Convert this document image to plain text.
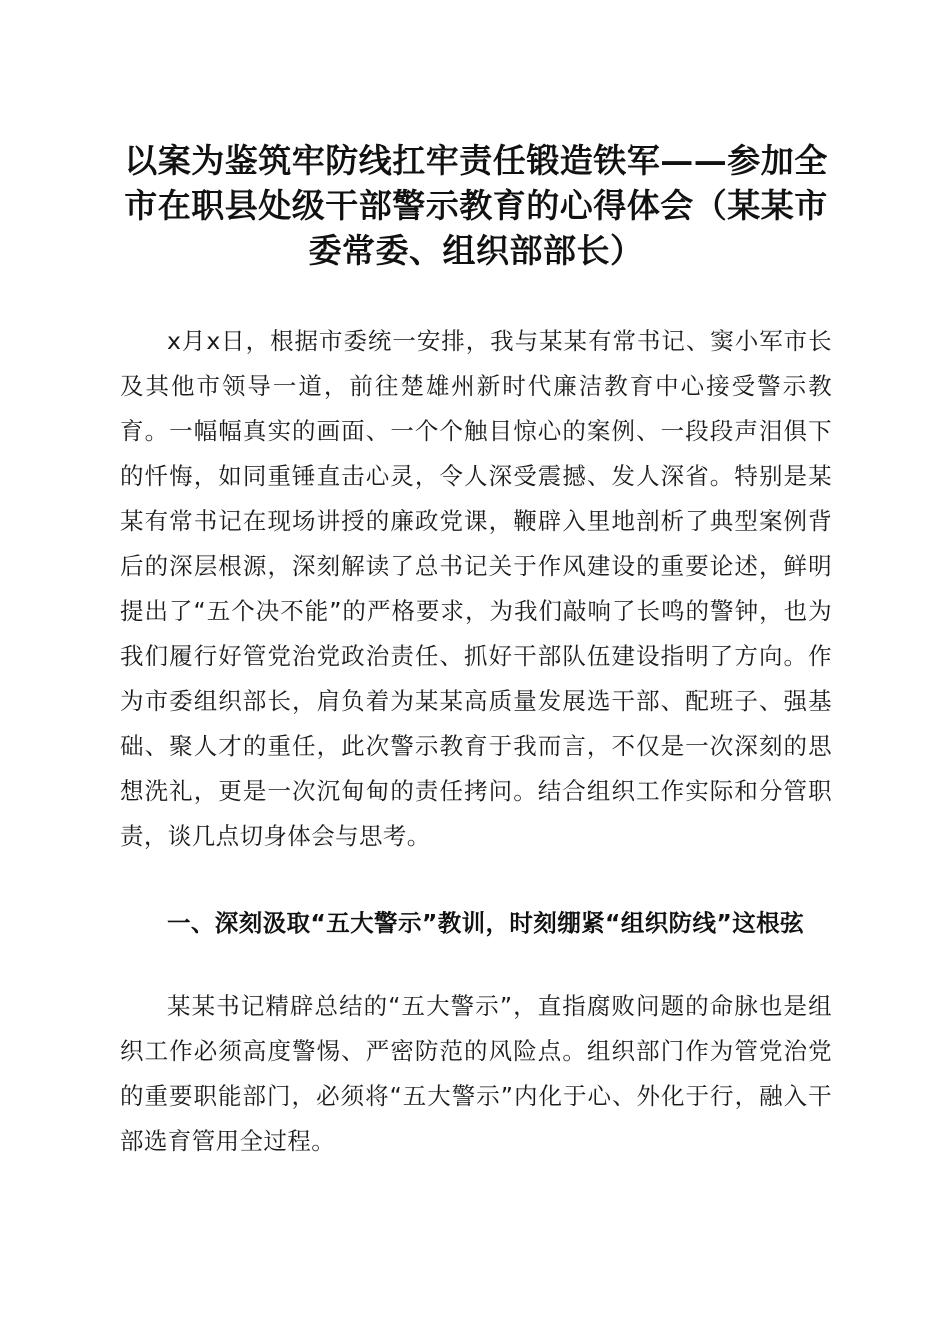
以案为鉴筑牢防线扛牢责任锻造铁军——参加全市在职县处级干部警示教育的心得体会（某某市委常委、组织部部长）

x月x日，根据市委统一安排，我与某某有常书记、窦小军市长及其他市领导一道，前往楚雄州新时代廉洁教育中心接受警示教育。一幅幅真实的画面、一个个触目惊心的案例、一段段声泪俱下的忏悔，如同重锤直击心灵，令人深受震撼、发人深省。特别是某某有常书记在现场讲授的廉政党课，鞭辟入里地剖析了典型案例背后的深层根源，深刻解读了总书记关于作风建设的重要论述，鲜明提出了“五个决不能”的严格要求，为我们敲响了长鸣的警钟，也为我们履行好管党治党政治责任、抓好干部队伍建设指明了方向。作为市委组织部长，肩负着为某某高质量发展选干部、配班子、强基础、聚人才的重任，此次警示教育于我而言，不仅是一次深刻的思想洗礼，更是一次沉甸甸的责任拷问。结合组织工作实际和分管职责，谈几点切身体会与思考。

一、深刻汲取“五大警示”教训，时刻绷紧“组织防线”这根弦

某某书记精辟总结的“五大警示”，直指腐败问题的命脉也是组织工作必须高度警惕、严密防范的风险点。组织部门作为管党治党的重要职能部门，必须将“五大警示”内化于心、外化于行，融入干部选育管用全过程。
